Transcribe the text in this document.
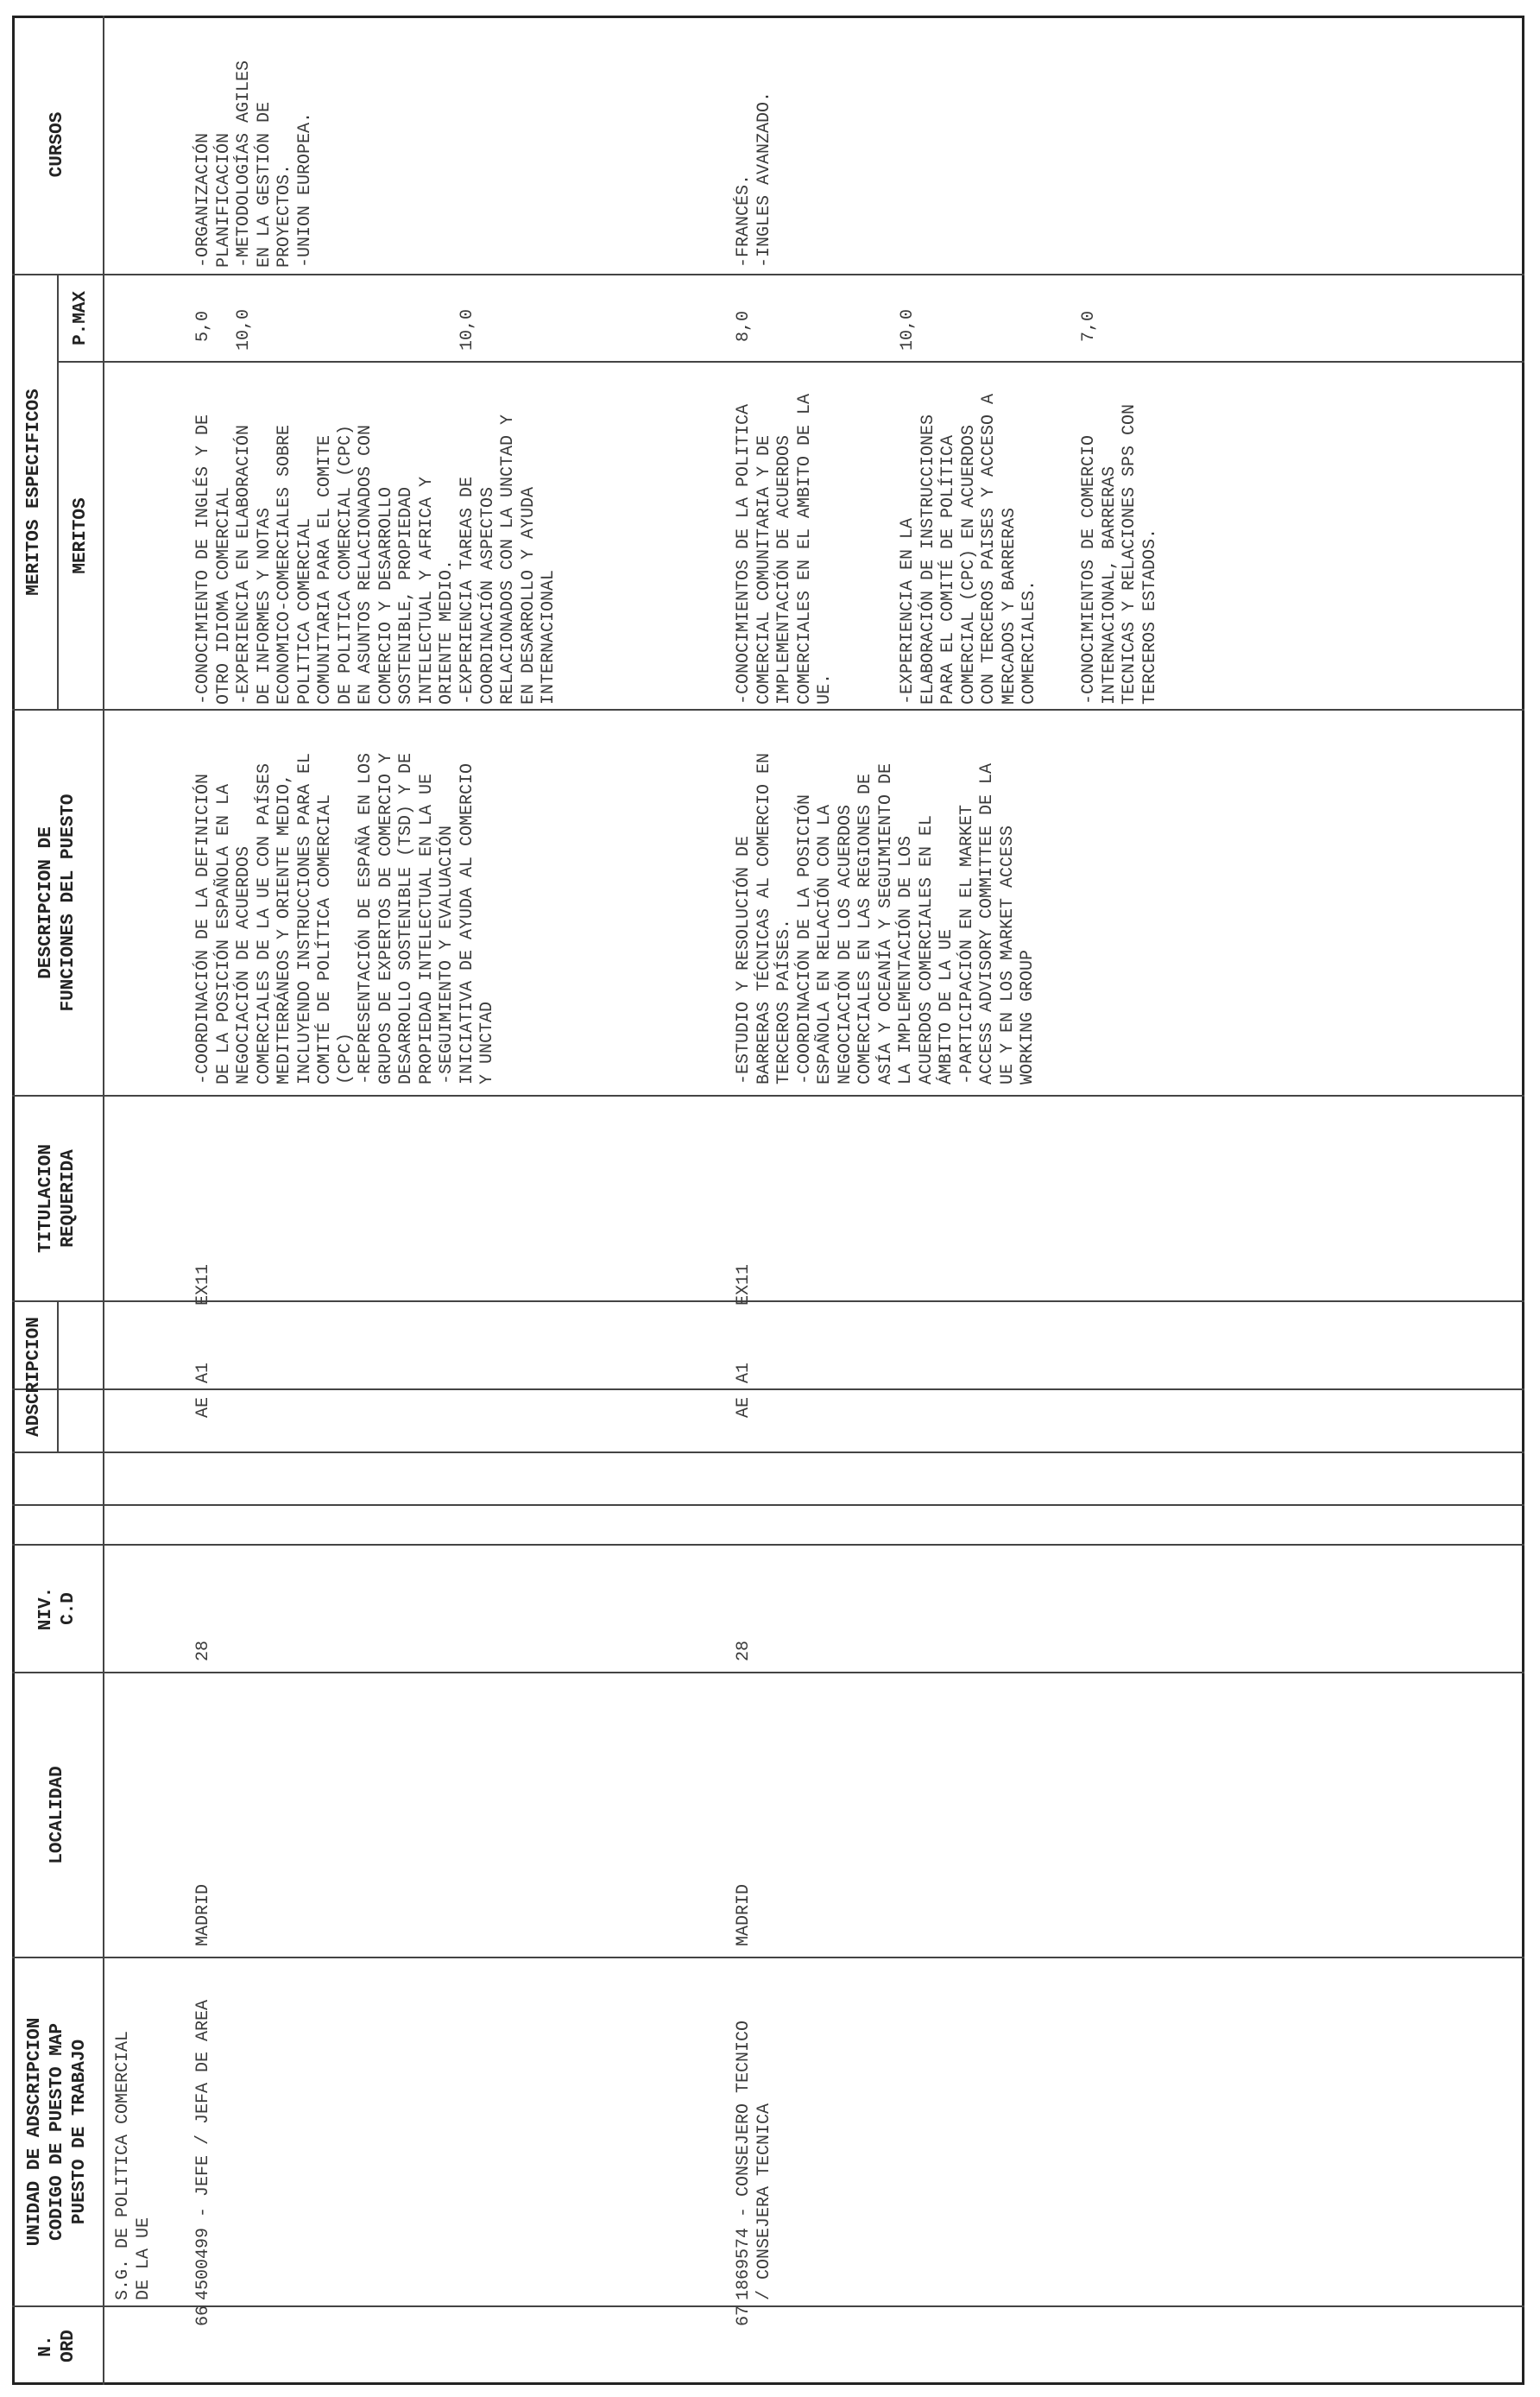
N. ORD
UNIDAD DE ADSCRIPCION CODIGO DE PUESTO MAP PUESTO DE TRABAJO
LOCALIDAD
NIV. C.D
ADSCRIPCION
TITULACION REQUERIDA
DESCRIPCION DE FUNCIONES DEL PUESTO
MERITOS ESPECIFICOS MERITOS
P.MAX
CURSOS
S.G. DE POLITICA COMERCIAL
DE LA UE
66
4500499 - JEFE / JEFA DE AREA
MADRID
28
AE
A1
EX11
-COORDINACIÓN DE LA DEFINICIÓN
DE LA POSICIÓN ESPAÑOLA EN LA
NEGOCIACIÓN DE ACUERDOS
COMERCIALES DE LA UE CON PAÍSES
MEDITERRÁNEOS Y ORIENTE MEDIO,
INCLUYENDO INSTRUCCIONES PARA EL
COMITÉ DE POLÍTICA COMERCIAL
(CPC)
-REPRESENTACIÓN DE ESPAÑA EN LOS
GRUPOS DE EXPERTOS DE COMERCIO Y
DESARROLLO SOSTENIBLE (TSD) Y DE
PROPIEDAD INTELECTUAL EN LA UE
-SEGUIMIENTO Y EVALUACIÓN
INICIATIVA DE AYUDA AL COMERCIO
Y UNCTAD
-CONOCIMIENTO DE INGLÉS Y DE
OTRO IDIOMA COMERCIAL
5,0
-EXPERIENCIA EN ELABORACIÓN
DE INFORMES Y NOTAS
ECONOMICO-COMERCIALES SOBRE
POLITICA COMERCIAL
COMUNITARIA PARA EL COMITE
DE POLITICA COMERCIAL (CPC)
EN ASUNTOS RELACIONADOS CON
COMERCIO Y DESARROLLO
SOSTENIBLE, PROPIEDAD
INTELECTUAL Y AFRICA Y
ORIENTE MEDIO.
10,0
-EXPERIENCIA TAREAS DE
COORDINACIÓN ASPECTOS
RELACIONADOS CON LA UNCTAD Y
EN DESARROLLO Y AYUDA
INTERNACIONAL
10,0
-ORGANIZACIÓN
PLANIFICACIÓN
-METODOLOGÍAS AGILES
EN LA GESTIÓN DE
PROYECTOS.
-UNION EUROPEA.
67
1869574 - CONSEJERO TECNICO
/ CONSEJERA TECNICA
MADRID
28
AE
A1
EX11
-ESTUDIO Y RESOLUCIÓN DE
BARRERAS TÉCNICAS AL COMERCIO EN
TERCEROS PAÍSES.
-COORDINACIÓN DE LA POSICIÓN
ESPAÑOLA EN RELACIÓN CON LA
NEGOCIACIÓN DE LOS ACUERDOS
COMERCIALES EN LAS REGIONES DE
ASÍA Y OCEANÍA Y SEGUIMIENTO DE
LA IMPLEMENTACIÓN DE LOS
ACUERDOS COMERCIALES EN EL
ÁMBITO DE LA UE
-PARTICIPACIÓN EN EL MARKET
ACCESS ADVISORY COMMITTEE DE LA
UE Y EN LOS MARKET ACCESS
WORKING GROUP
-CONOCIMIENTOS DE LA POLITICA
COMERCIAL COMUNITARIA Y DE
IMPLEMENTACIÓN DE ACUERDOS
COMERCIALES EN EL AMBITO DE LA
UE.
8,0
-EXPERIENCIA EN LA
ELABORACIÓN DE INSTRUCCIONES
PARA EL COMITÉ DE POLÍTICA
COMERCIAL (CPC) EN ACUERDOS
CON TERCEROS PAISES Y ACCESO A
MERCADOS Y BARRERAS
COMERCIALES.
10,0
-CONOCIMIENTOS DE COMERCIO
INTERNACIONAL, BARRERAS
TECNICAS Y RELACIONES SPS CON
TERCEROS ESTADOS.
7,0
-FRANCÉS.
-INGLES AVANZADO.
